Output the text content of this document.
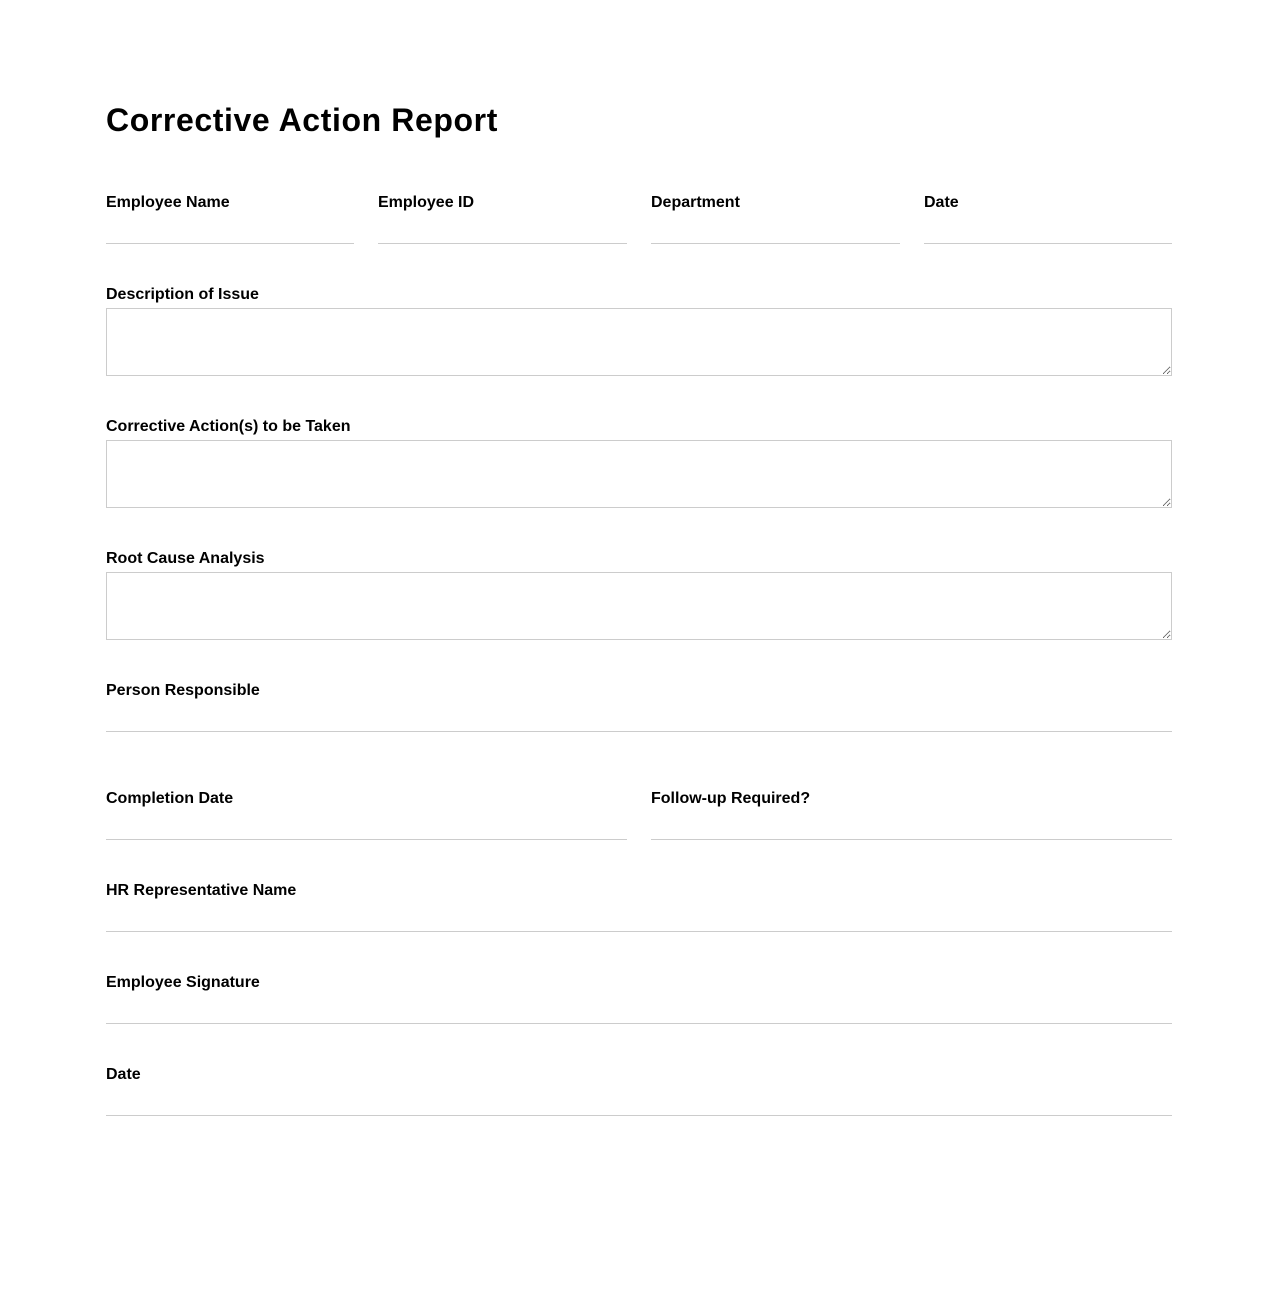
Corrective Action Report
Employee Name	Employee ID	Department	Date
Description of Issue
Corrective Action(s) to be Taken
Root Cause Analysis
Person Responsible
Completion Date	Follow-up Required?
HR Representative Name
Employee Signature
Date
